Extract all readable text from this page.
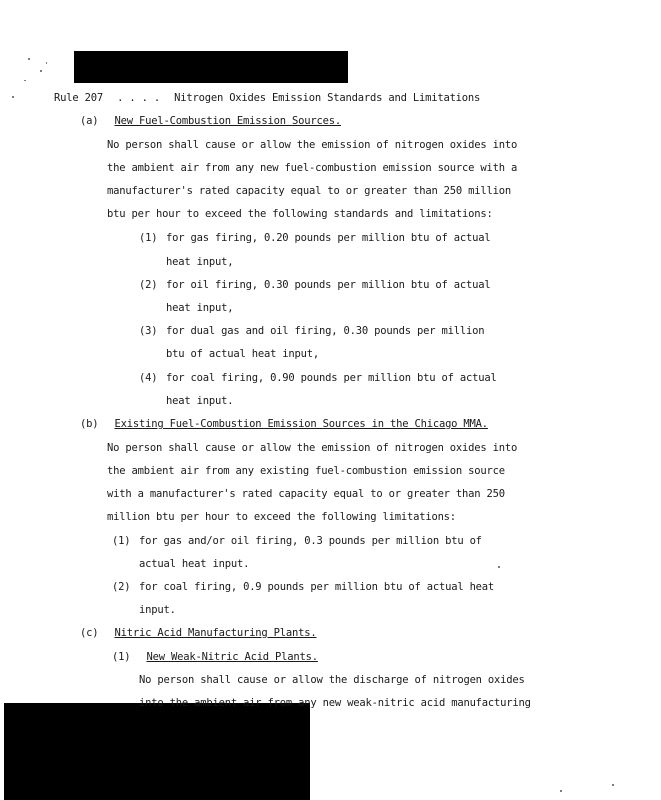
Rule 207 . . . . Nitrogen Oxides Emission Standards and Limitations
(a) New Fuel-Combustion Emission Sources.
No person shall cause or allow the emission of nitrogen oxides into
the ambient air from any new fuel-combustion emission source with a
manufacturer's rated capacity equal to or greater than 250 million
btu per hour to exceed the following standards and limitations:
(1) for gas firing, 0.20 pounds per million btu of actual
heat input,
(2) for oil firing, 0.30 pounds per million btu of actual
heat input,
(3) for dual gas and oil firing, 0.30 pounds per million
btu of actual heat input,
(4) for coal firing, 0.90 pounds per million btu of actual
heat input.
(b) Existing Fuel-Combustion Emission Sources in the Chicago MMA.
No person shall cause or allow the emission of nitrogen oxides into
the ambient air from any existing fuel-combustion emission source
with a manufacturer's rated capacity equal to or greater than 250
million btu per hour to exceed the following limitations:
(1) for gas and/or oil firing, 0.3 pounds per million btu of
actual heat input.
(2) for coal firing, 0.9 pounds per million btu of actual heat
input.
(c) Nitric Acid Manufacturing Plants.
(1) New Weak-Nitric Acid Plants.
No person shall cause or allow the discharge of nitrogen oxides
into the ambient air from any new weak-nitric acid manufacturing
